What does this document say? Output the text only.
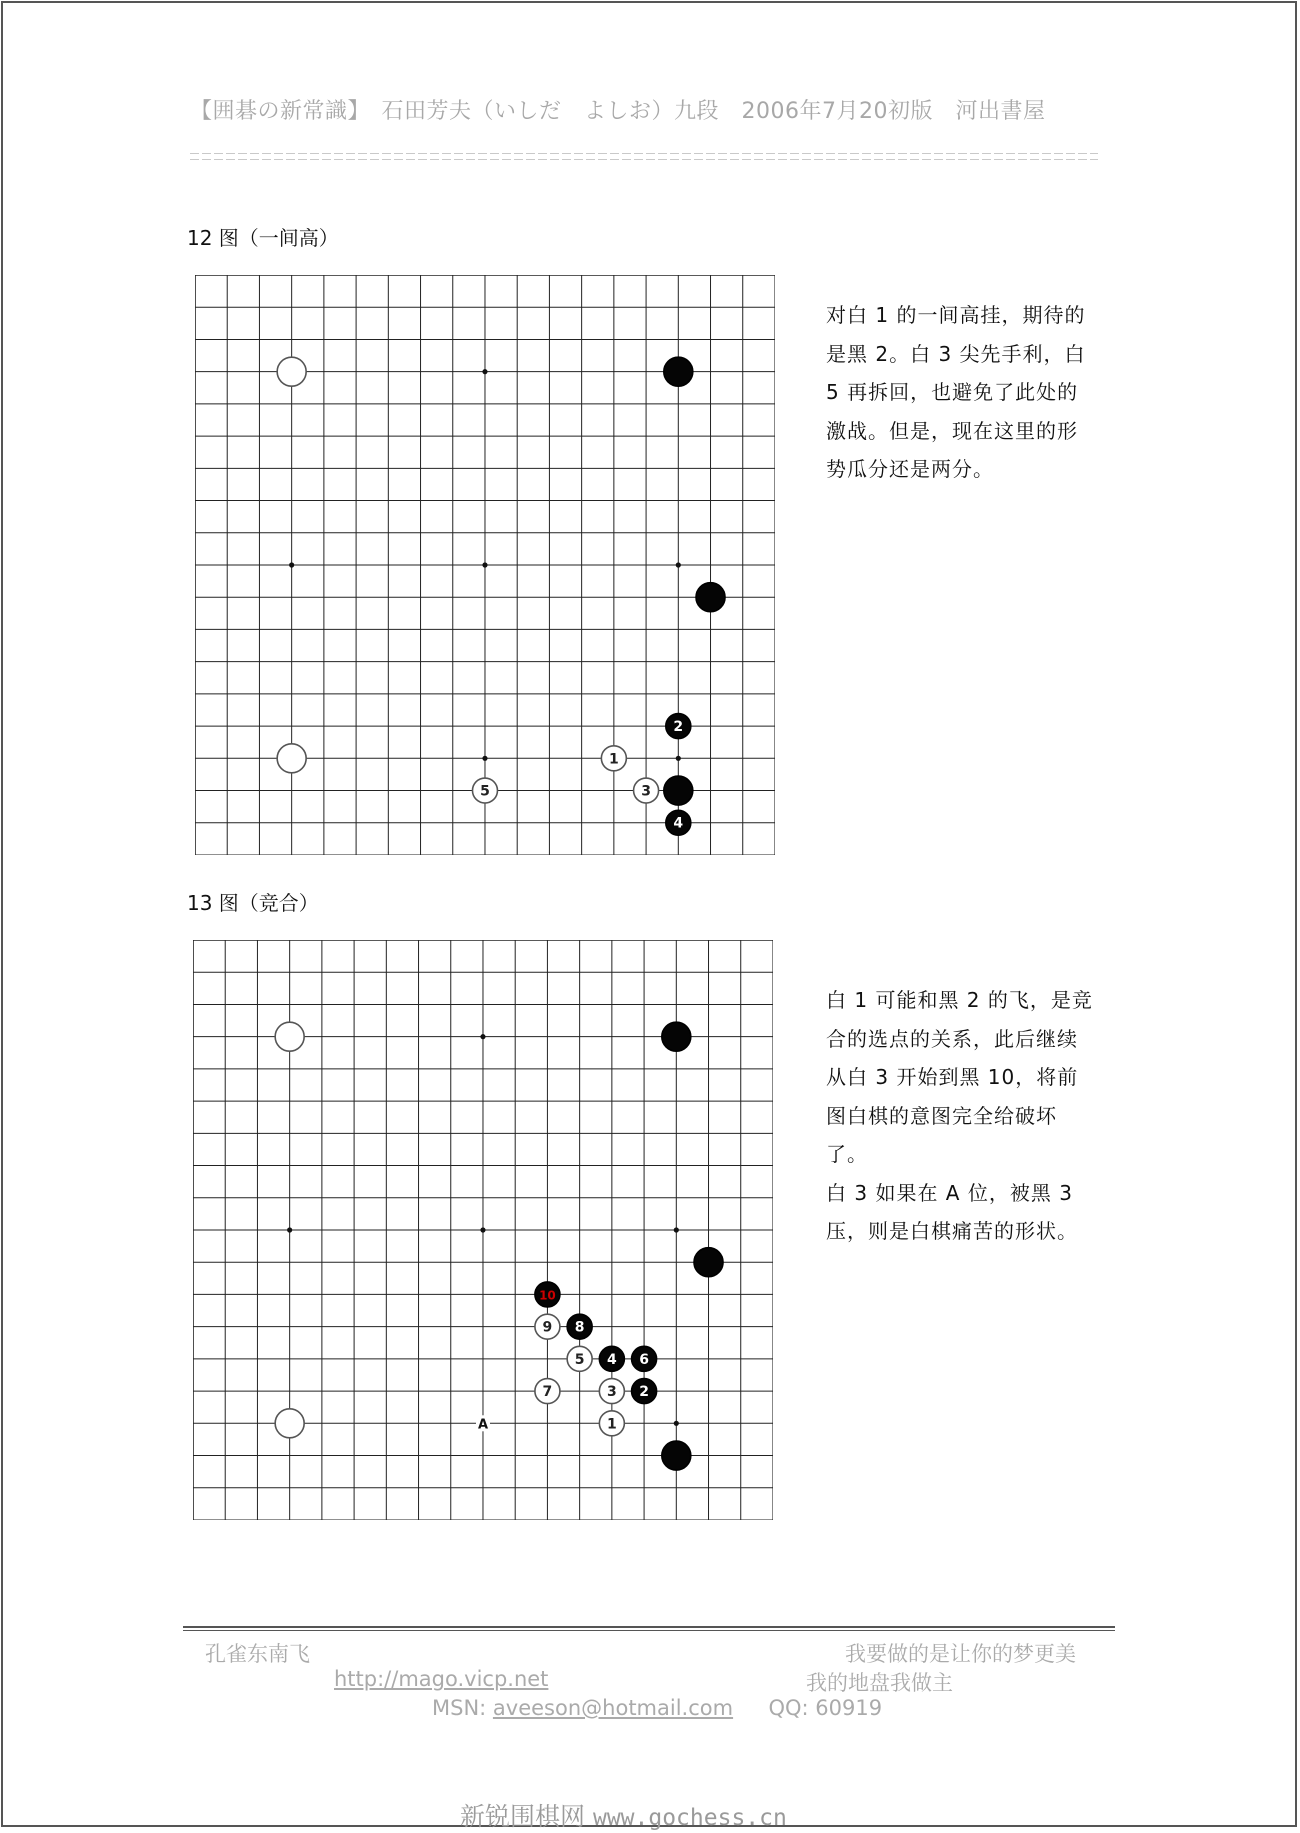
【囲碁の新常識】　石田芳夫（いしだ　よしお）九段　2006年7月20初版　河出書屋
12 图（一间高）
2
1
5	3
4

对白 1 的一间高挂，期待的是黑 2。白 3 尖先手利，白 5 再拆回，也避免了此处的激战。但是，现在这里的形势瓜分还是两分。

13 图（竞合）
10
9 8
5 4 6
7	3 2
1
A

白 1 可能和黑 2 的飞，是竞合的选点的关系，此后继续从白 3 开始到黑 10，将前图白棋的意图完全给破坏了。

白 3 如果在 A 位，被黑 3 压，则是白棋痛苦的形状。

孔雀东南飞	我要做的是让你的梦更美
http://mago.vicp.net	我的地盘我做主
MSN: aveeson@hotmail.com QQ: 60919
新锐围棋网 www.gochess.cn
